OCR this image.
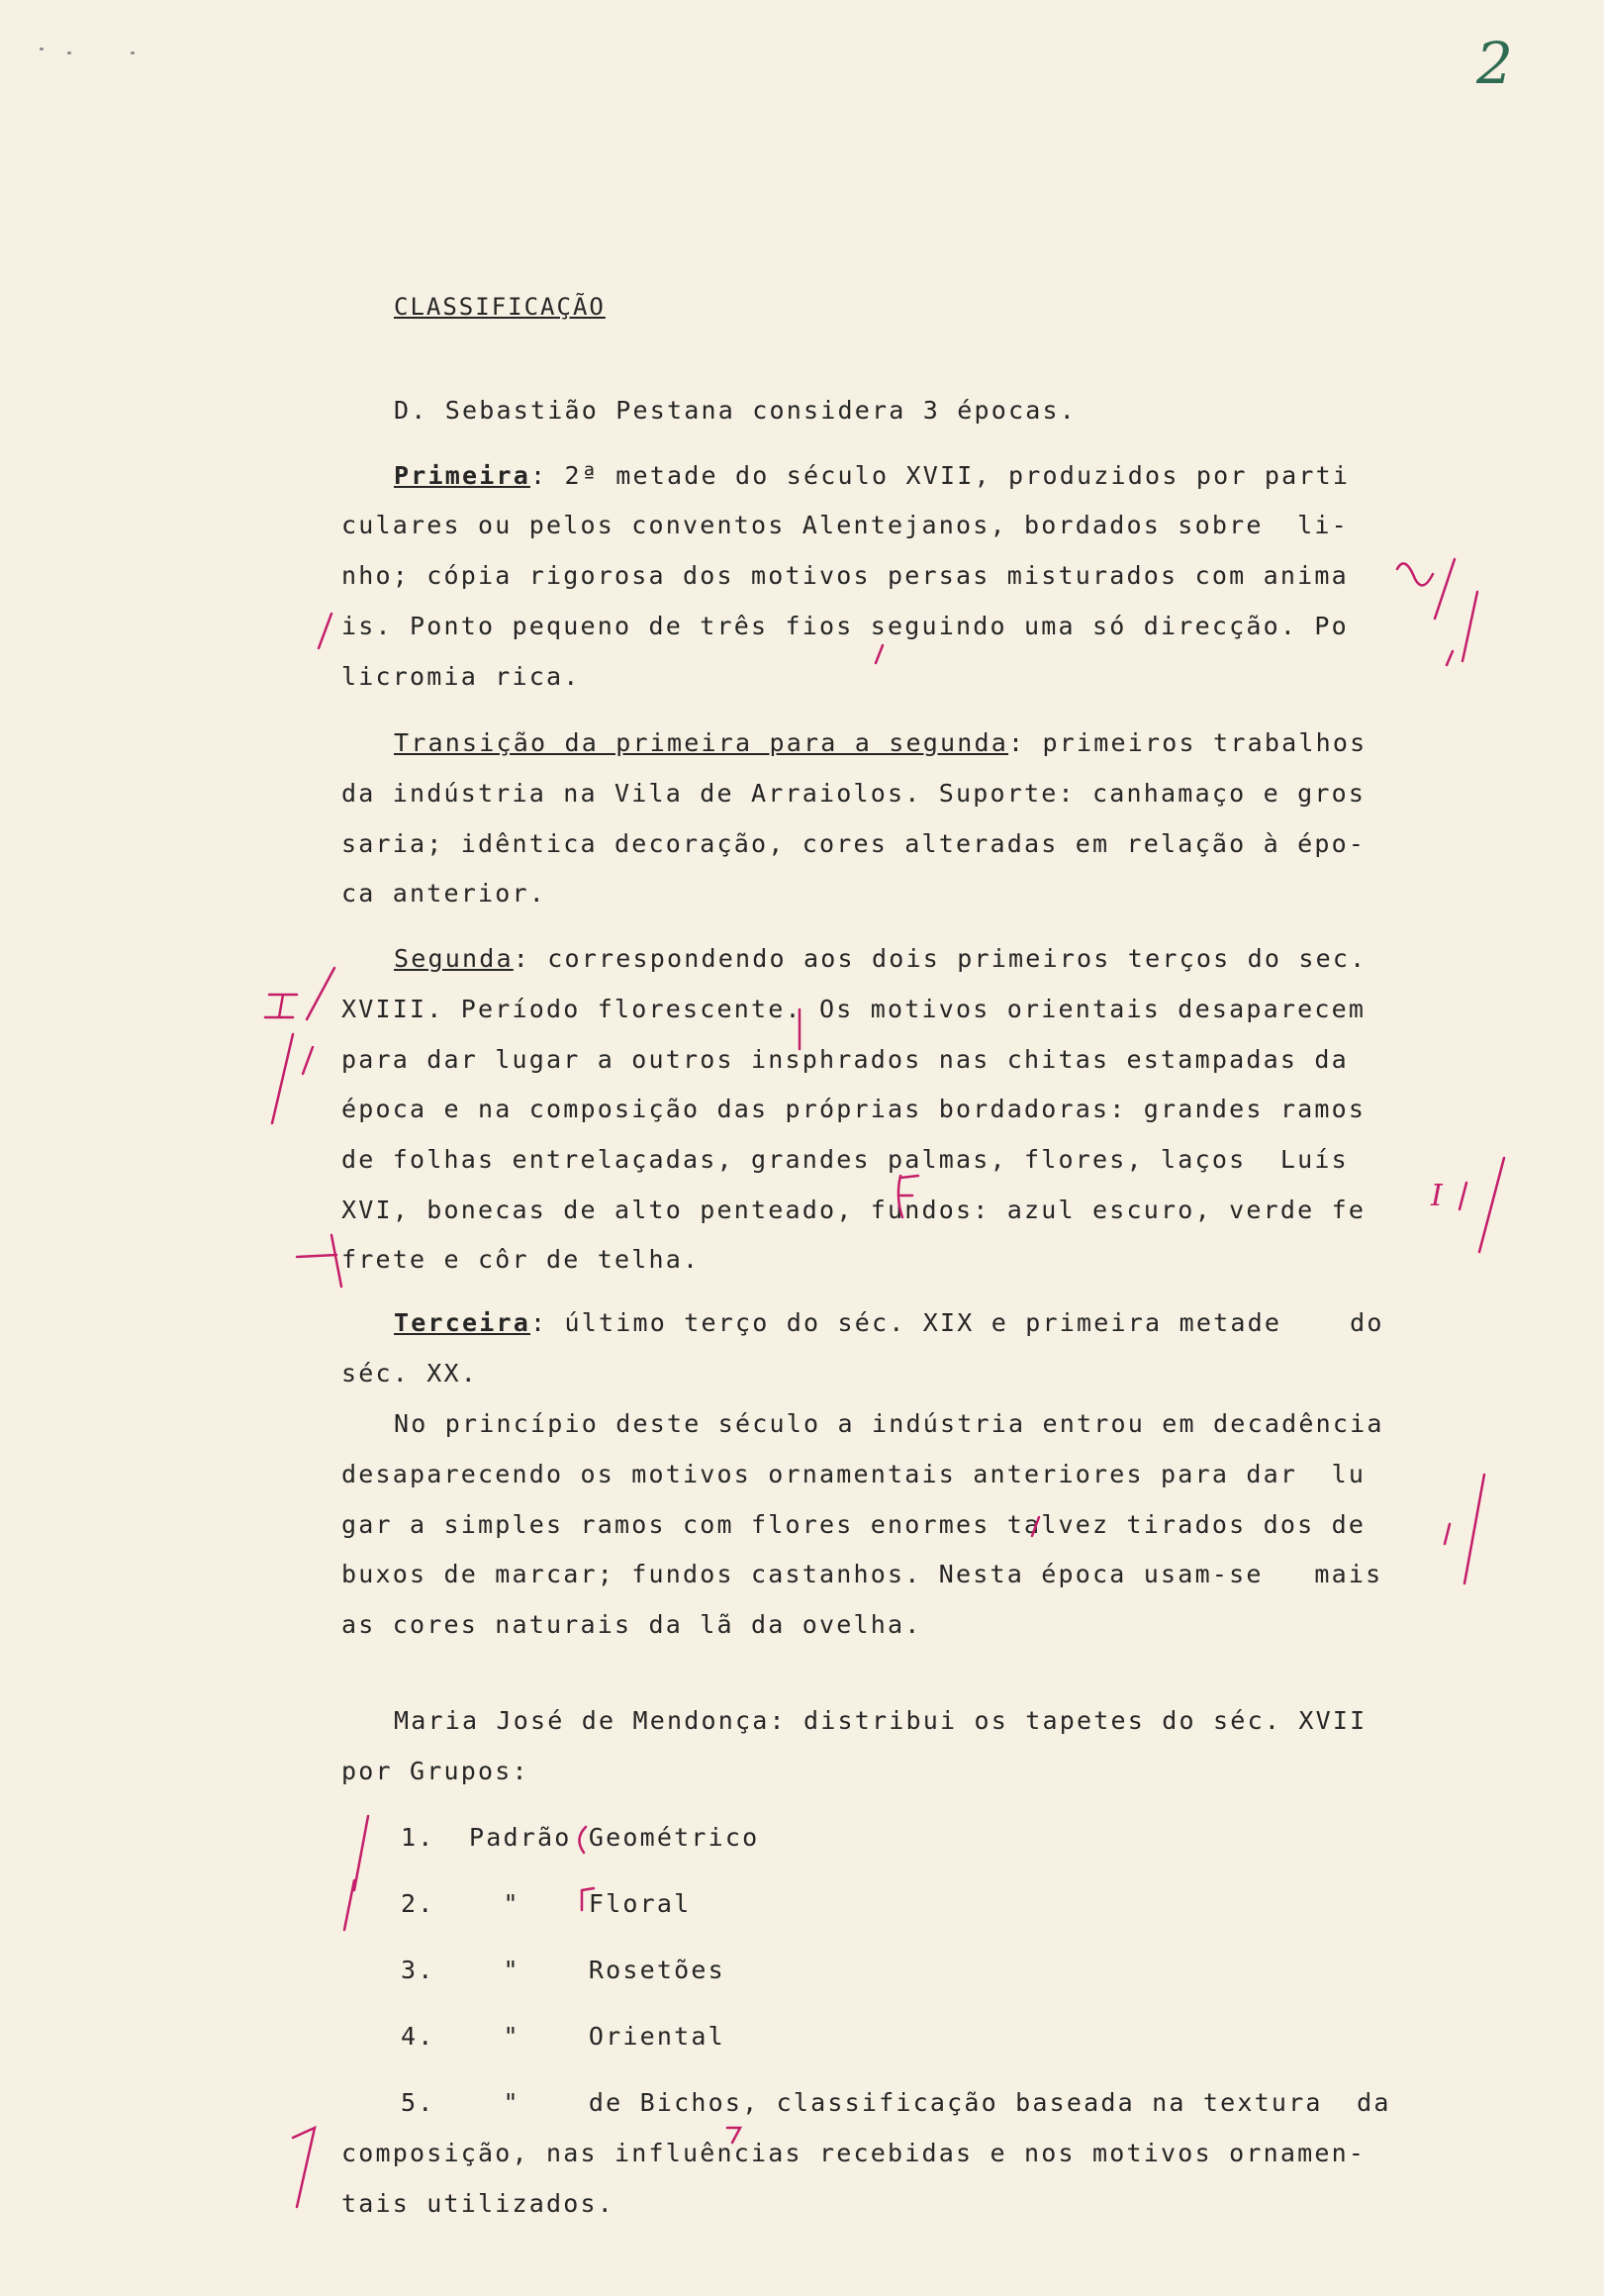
2
CLASSIFICAÇÃO
D. Sebastião Pestana considera 3 épocas.
Primeira: 2ª metade do século XVII, produzidos por parti
culares ou pelos conventos Alentejanos, bordados sobre  li-
nho; cópia rigorosa dos motivos persas misturados com anima
is. Ponto pequeno de três fios seguindo uma só direcção. Po
licromia rica.
Transição da primeira para a segunda: primeiros trabalhos
da indústria na Vila de Arraiolos. Suporte: canhamaço e gros
saria; idêntica decoração, cores alteradas em relação à épo-
ca anterior.
Segunda: correspondendo aos dois primeiros terços do sec.
XVIII. Período florescente. Os motivos orientais desaparecem
para dar lugar a outros insphrados nas chitas estampadas da
época e na composição das próprias bordadoras: grandes ramos
de folhas entrelaçadas, grandes palmas, flores, laços  Luís
XVI, bonecas de alto penteado, fundos: azul escuro, verde fe
frete e côr de telha.
Terceira: último terço do séc. XIX e primeira metade    do
séc. XX.
No princípio deste século a indústria entrou em decadência
desaparecendo os motivos ornamentais anteriores para dar  lu
gar a simples ramos com flores enormes talvez tirados dos de
buxos de marcar; fundos castanhos. Nesta época usam-se   mais
as cores naturais da lã da ovelha.
Maria José de Mendonça: distribui os tapetes do séc. XVII
por Grupos:
1. Padrão Geométrico
2.	"	Floral
3.	"	Rosetões
4.	"	Oriental
5.	"	de Bichos, classificação baseada na textura  da
composição, nas influências recebidas e nos motivos ornamen-
tais utilizados.
I
